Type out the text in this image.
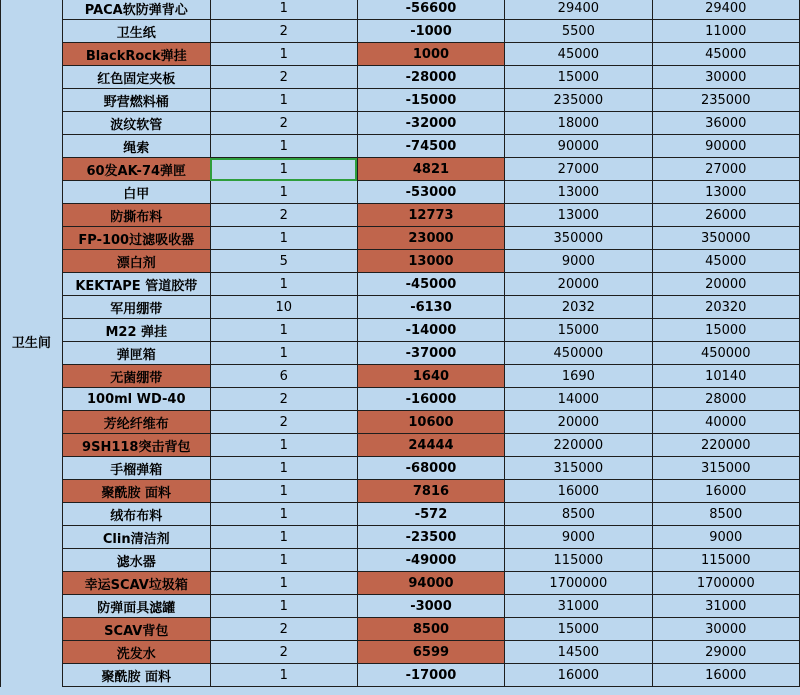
卫生间	PACA软防弹背心	1	-56600	29400	29400
	卫生纸	2	-1000	5500	11000
	BlackRock弹挂	1	1000	45000	45000
	红色固定夹板	2	-28000	15000	30000
	野营燃料桶	1	-15000	235000	235000
	波纹软管	2	-32000	18000	36000
	绳索	1	-74500	90000	90000
	60发AK-74弹匣	1	4821	27000	27000
	白甲	1	-53000	13000	13000
	防撕布料	2	12773	13000	26000
	FP-100过滤吸收器	1	23000	350000	350000
	漂白剂	5	13000	9000	45000
	KEKTAPE 管道胶带	1	-45000	20000	20000
	军用绷带	10	-6130	2032	20320
	M22 弹挂	1	-14000	15000	15000
	弹匣箱	1	-37000	450000	450000
	无菌绷带	6	1640	1690	10140
	100ml WD-40	2	-16000	14000	28000
	芳纶纤维布	2	10600	20000	40000
	9SH118突击背包	1	24444	220000	220000
	手榴弹箱	1	-68000	315000	315000
	聚酰胺 面料	1	7816	16000	16000
	绒布布料	1	-572	8500	8500
	Clin清洁剂	1	-23500	9000	9000
	滤水器	1	-49000	115000	115000
	幸运SCAV垃圾箱	1	94000	1700000	1700000
	防弹面具滤罐	1	-3000	31000	31000
	SCAV背包	2	8500	15000	30000
	洗发水	2	6599	14500	29000
	聚酰胺 面料	1	-17000	16000	16000
